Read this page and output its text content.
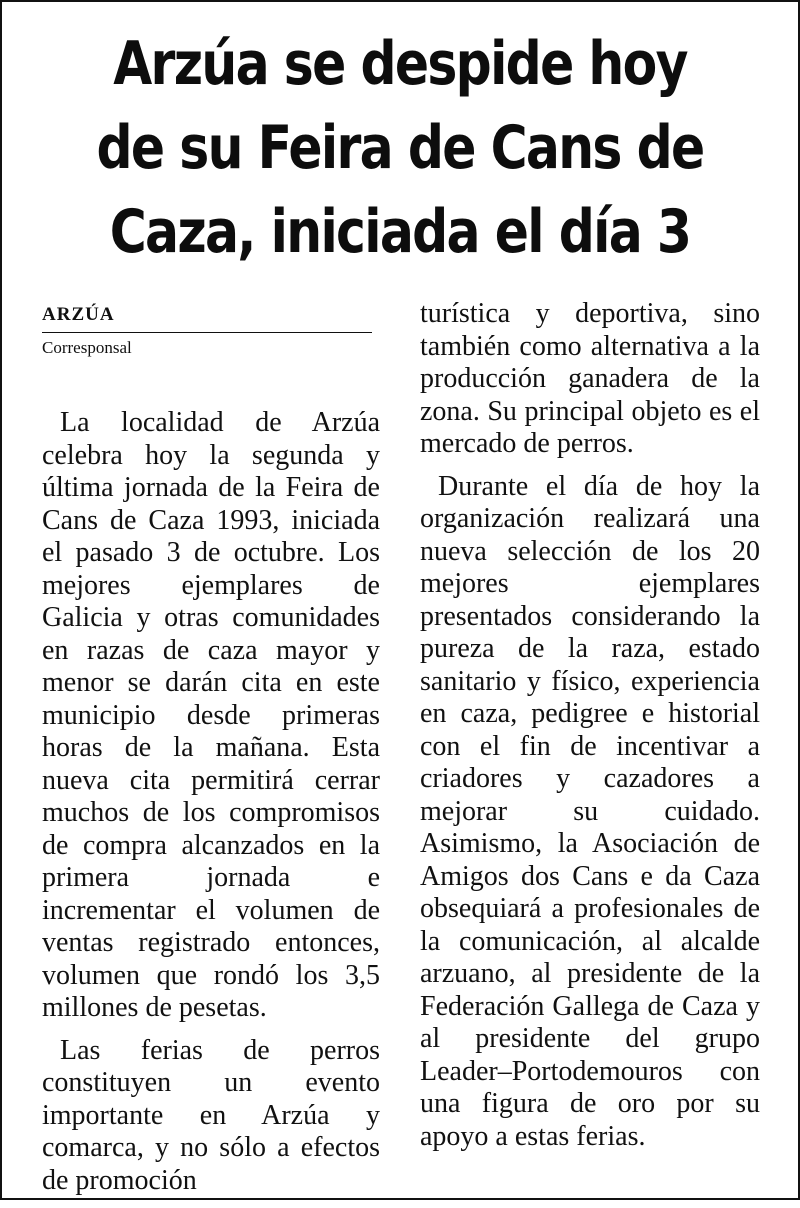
Arzúa se despide hoy
de su Feira de Cans de
Caza, iniciada el día 3

ARZÚA

Corresponsal

La localidad de Arzúa celebra hoy la segunda y última jornada de la Feira de Cans de Caza 1993, iniciada el pasado 3 de octubre. Los mejores ejemplares de Galicia y otras comunidades en razas de caza mayor y menor se darán cita en este municipio desde primeras horas de la mañana. Esta nueva cita permitirá cerrar muchos de los compromisos de compra alcanzados en la primera jornada e incrementar el volumen de ventas registrado entonces, volumen que rondó los 3,5 millones de pesetas.

Las ferias de perros constituyen un evento importante en Arzúa y comarca, y no sólo a efectos de promoción

turística y deportiva, sino también como alternativa a la producción ganadera de la zona. Su principal objeto es el mercado de perros.

Durante el día de hoy la organización realizará una nueva selección de los 20 mejores ejemplares presentados considerando la pureza de la raza, estado sanitario y físico, experiencia en caza, pedigree e historial con el fin de incentivar a criadores y cazadores a mejorar su cuidado. Asimismo, la Asociación de Amigos dos Cans e da Caza obsequiará a profesionales de la comunicación, al alcalde arzuano, al presidente de la Federación Gallega de Caza y al presidente del grupo Leader–Portodemouros con una figura de oro por su apoyo a estas ferias.
